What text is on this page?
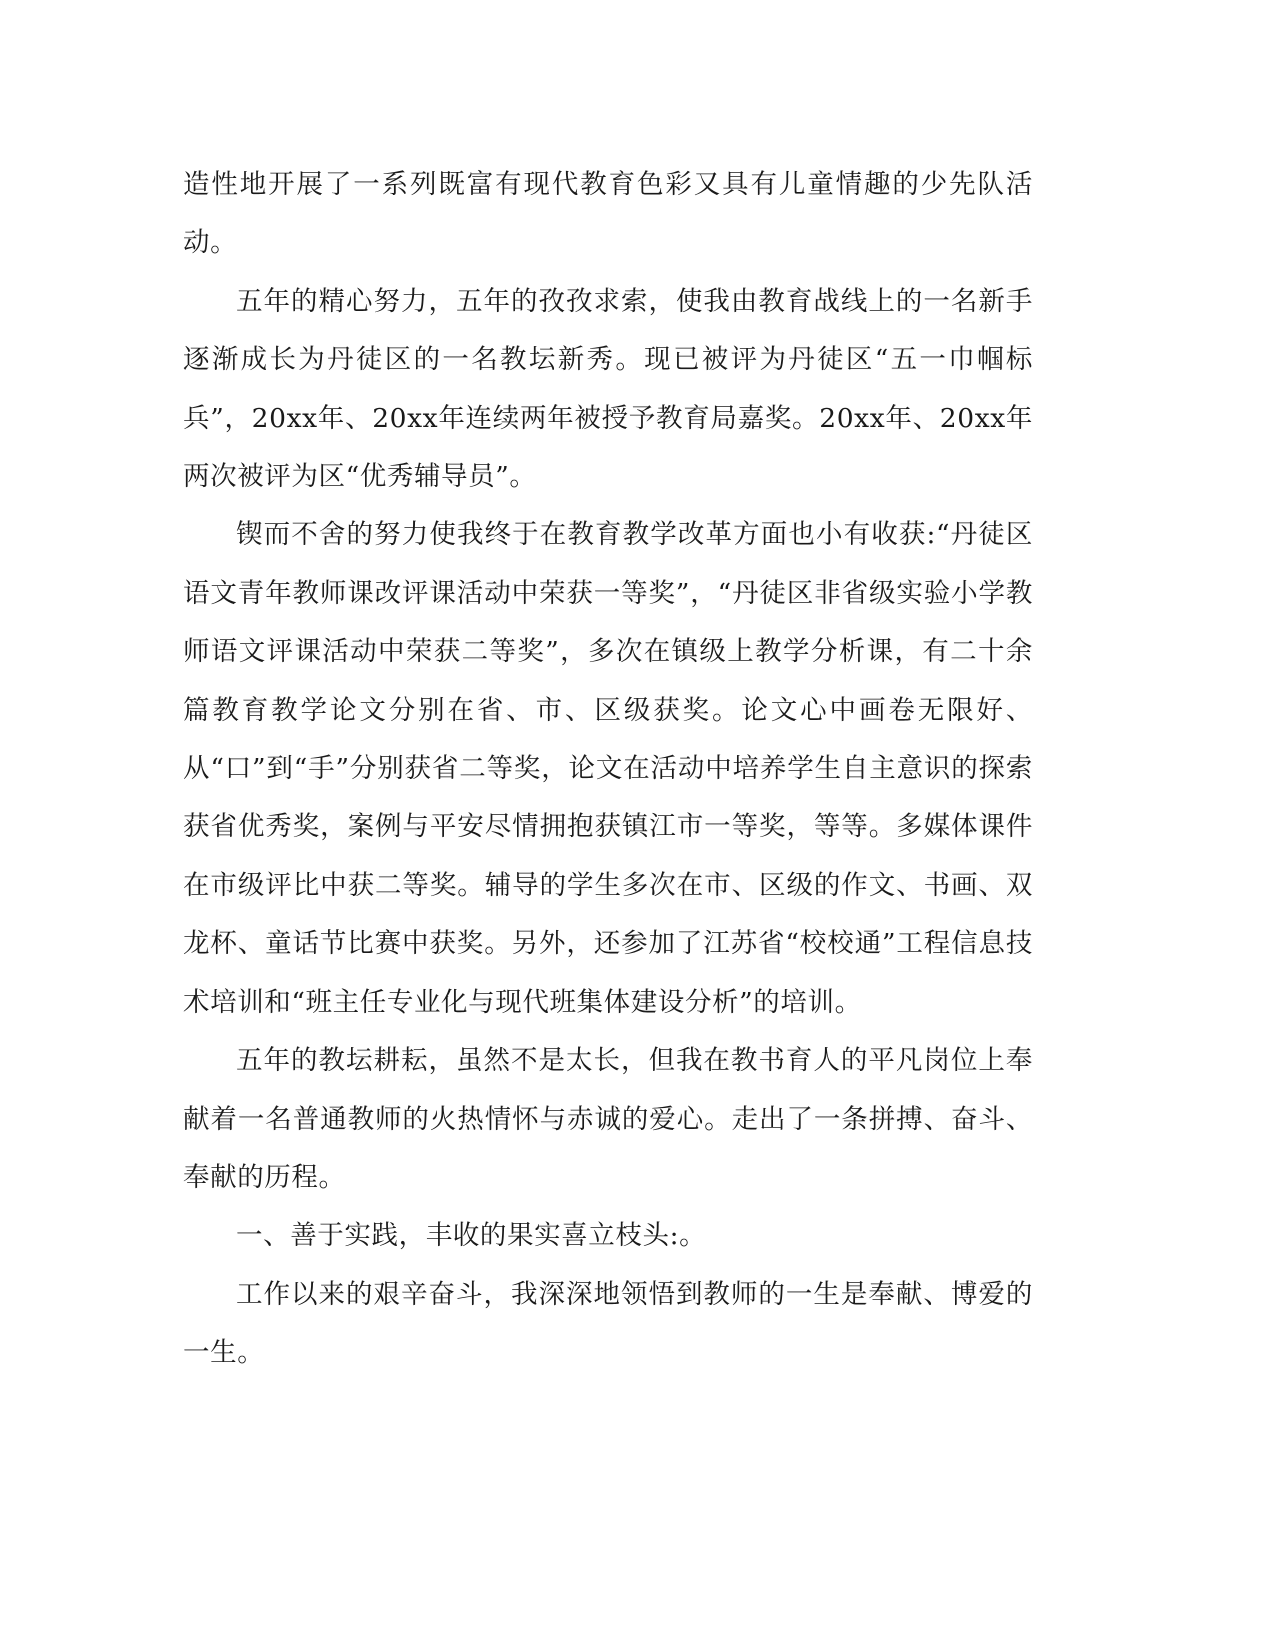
造性地开展了一系列既富有现代教育色彩又具有儿童情趣的少先队活动。

五年的精心努力，五年的孜孜求索，使我由教育战线上的一名新手逐渐成长为丹徒区的一名教坛新秀。现已被评为丹徒区“五一巾帼标兵”，20xx年、20xx年连续两年被授予教育局嘉奖。20xx年、20xx年两次被评为区“优秀辅导员”。

锲而不舍的努力使我终于在教育教学改革方面也小有收获:“丹徒区语文青年教师课改评课活动中荣获一等奖”，“丹徒区非省级实验小学教师语文评课活动中荣获二等奖”，多次在镇级上教学分析课，有二十余篇教育教学论文分别在省、市、区级获奖。论文心中画卷无限好、从“口”到“手”分别获省二等奖，论文在活动中培养学生自主意识的探索获省优秀奖，案例与平安尽情拥抱获镇江市一等奖，等等。多媒体课件在市级评比中获二等奖。辅导的学生多次在市、区级的作文、书画、双龙杯、童话节比赛中获奖。另外，还参加了江苏省“校校通”工程信息技术培训和“班主任专业化与现代班集体建设分析”的培训。

五年的教坛耕耘，虽然不是太长，但我在教书育人的平凡岗位上奉献着一名普通教师的火热情怀与赤诚的爱心。走出了一条拼搏、奋斗、奉献的历程。

一、善于实践，丰收的果实喜立枝头:。

工作以来的艰辛奋斗，我深深地领悟到教师的一生是奉献、博爱的一生。
